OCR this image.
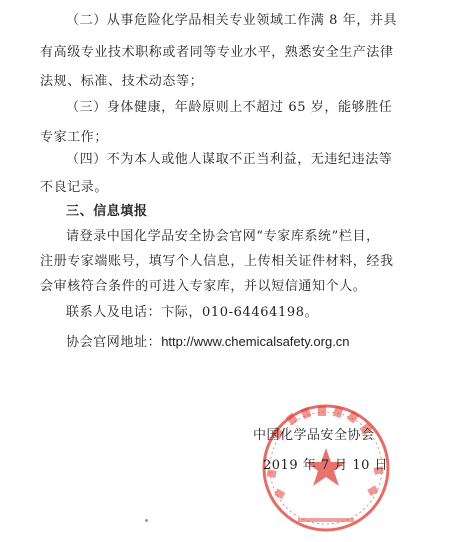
（二）从事危险化学品相关专业领域工作满 8 年，并具
有高级专业技术职称或者同等专业水平，熟悉安全生产法律
法规、标准、技术动态等；
（三）身体健康，年龄原则上不超过 65 岁，能够胜任
专家工作；
（四）不为本人或他人谋取不正当利益，无违纪违法等
不良记录。
三、信息填报
请登录中国化学品安全协会官网“专家库系统”栏目，
注册专家端账号，填写个人信息，上传相关证件材料，经我
会审核符合条件的可进入专家库，并以短信通知个人。
联系人及电话：卞际，010-64464198。
协会官网地址：http://www.chemicalsafety.org.cn
中国化学品安全协会
2019 年 7 月 10 日
